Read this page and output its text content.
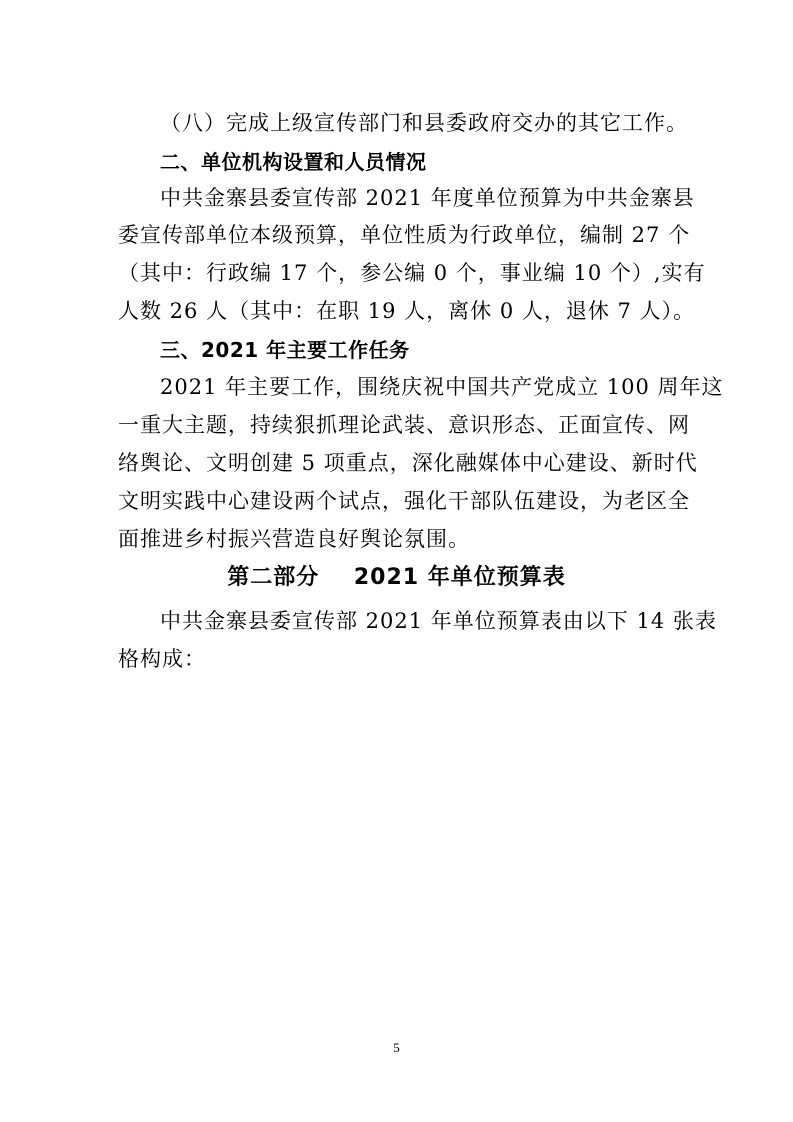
（八）完成上级宣传部门和县委政府交办的其它工作。
二、单位机构设置和人员情况
中共金寨县委宣传部 2021 年度单位预算为中共金寨县
委宣传部单位本级预算，单位性质为行政单位，编制 27 个
（其中：行政编 17 个，参公编 0 个，事业编 10 个）,实有
人数 26 人（其中：在职 19 人，离休 0 人，退休 7 人）。
三、2021 年主要工作任务
2021 年主要工作，围绕庆祝中国共产党成立 100 周年这
一重大主题，持续狠抓理论武装、意识形态、正面宣传、网
络舆论、文明创建 5 项重点，深化融媒体中心建设、新时代
文明实践中心建设两个试点，强化干部队伍建设，为老区全
面推进乡村振兴营造良好舆论氛围。
第二部分    2021 年单位预算表
中共金寨县委宣传部 2021 年单位预算表由以下 14 张表
格构成：
5
